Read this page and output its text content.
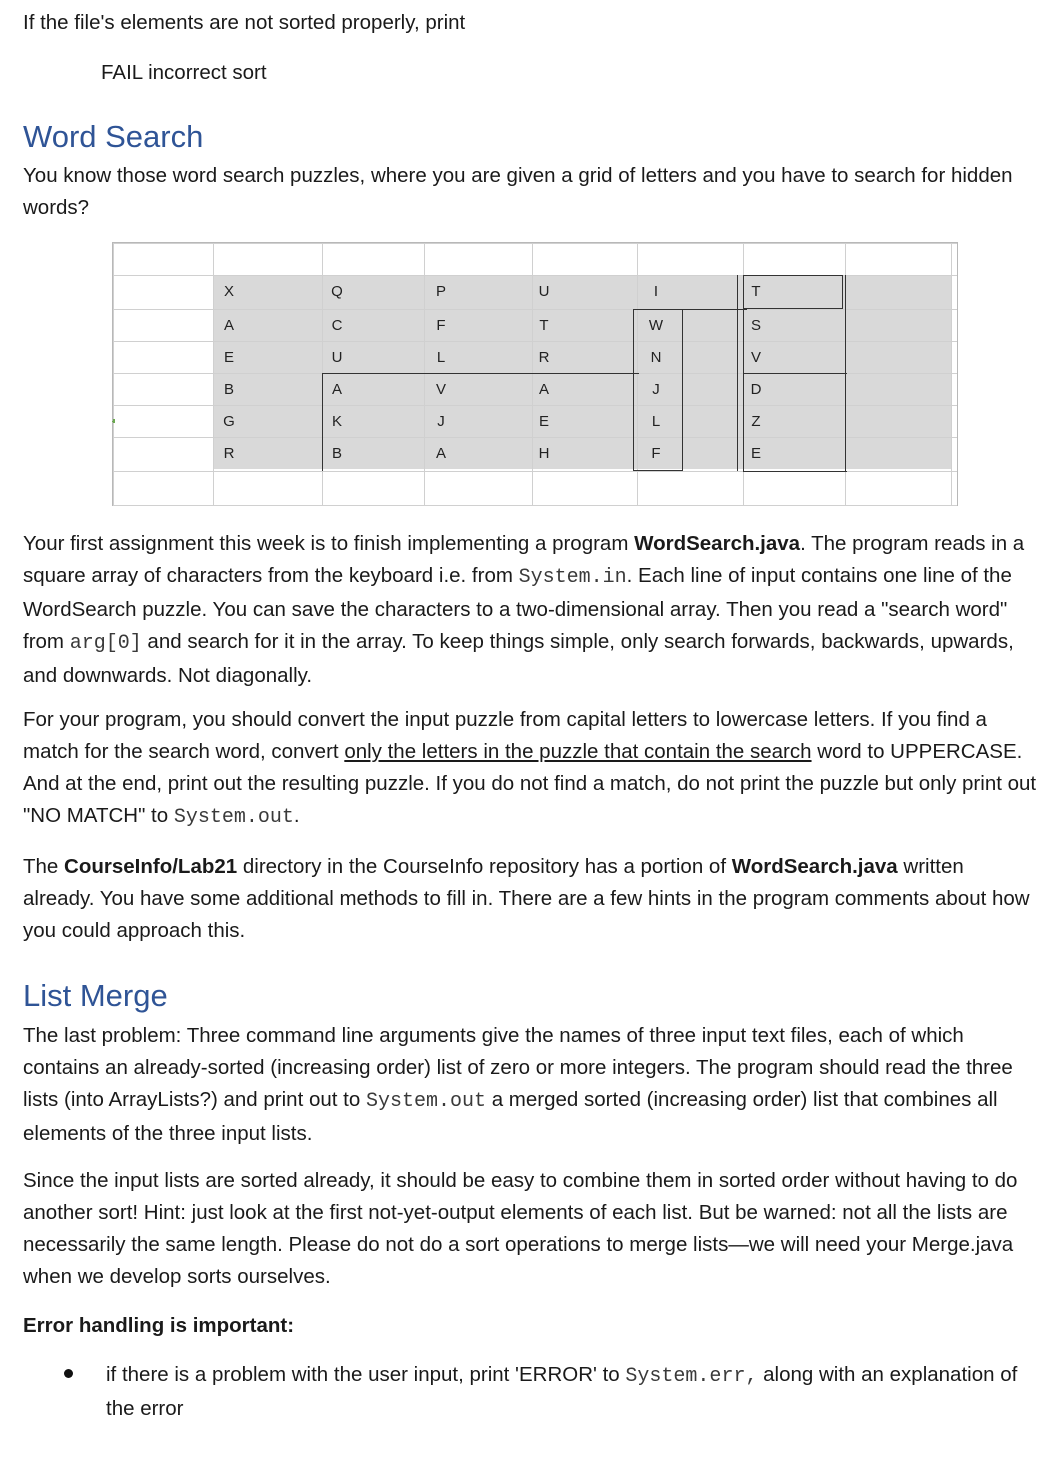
If the file's elements are not sorted properly, print

FAIL incorrect sort
Word Search

You know those word search puzzles, where you are given a grid of letters and you have to search for hidden words?

X	Q	P	U	I	T
A	C	F	T	W	S
E	U	L	R	N	V
B	A	V	A	J	D
G	K	J	E	L	Z
R	B	A	H	F	E

Your first assignment this week is to finish implementing a program WordSearch.java. The program reads in a square array of characters from the keyboard i.e. from System.in. Each line of input contains one line of the WordSearch puzzle. You can save the characters to a two-dimensional array. Then you read a "search word" from arg[0] and search for it in the array. To keep things simple, only search forwards, backwards, upwards, and downwards. Not diagonally.

For your program, you should convert the input puzzle from capital letters to lowercase letters. If you find a match for the search word, convert only the letters in the puzzle that contain the search word to UPPERCASE. And at the end, print out the resulting puzzle. If you do not find a match, do not print the puzzle but only print out "NO MATCH" to System.out.

The CourseInfo/Lab21 directory in the CourseInfo repository has a portion of WordSearch.java written already. You have some additional methods to fill in. There are a few hints in the program comments about how you could approach this.

List Merge

The last problem: Three command line arguments give the names of three input text files, each of which contains an already-sorted (increasing order) list of zero or more integers. The program should read the three lists (into ArrayLists?) and print out to System.out a merged sorted (increasing order) list that combines all elements of the three input lists.

Since the input lists are sorted already, it should be easy to combine them in sorted order without having to do another sort! Hint: just look at the first not-yet-output elements of each list. But be warned: not all the lists are necessarily the same length. Please do not do a sort operations to merge lists—we will need your Merge.java when we develop sorts ourselves.

Error handling is important:

if there is a problem with the user input, print 'ERROR' to System.err, along with an explanation of the error
